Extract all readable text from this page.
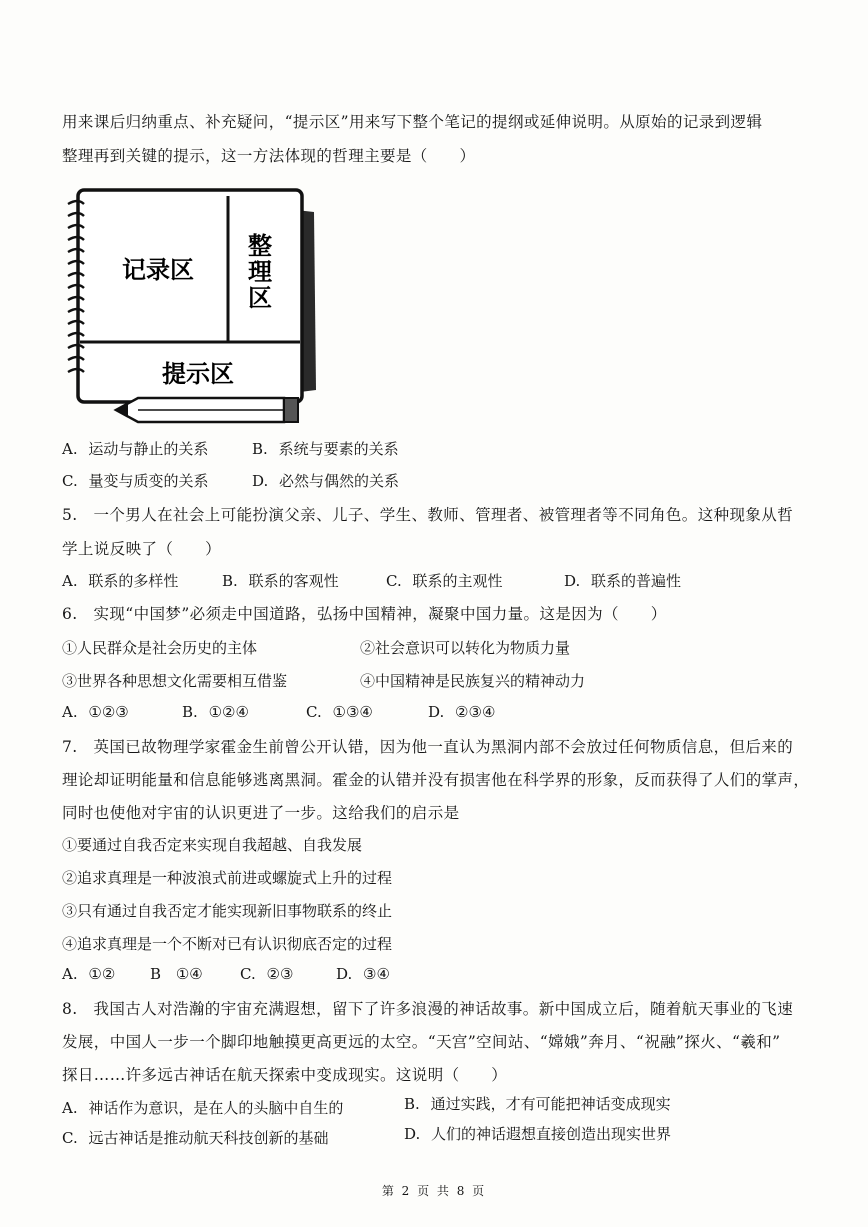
用来课后归纳重点、补充疑问，“提示区”用来写下整个笔记的提纲或延伸说明。从原始的记录到逻辑
整理再到关键的提示，这一方法体现的哲理主要是（　　）
记录区
整
理
区
提示区
A. 运动与静止的关系	B. 系统与要素的关系
C. 量变与质变的关系	D. 必然与偶然的关系
5.　一个男人在社会上可能扮演父亲、儿子、学生、教师、管理者、被管理者等不同角色。这种现象从哲
学上说反映了（　　）
A. 联系的多样性	B. 联系的客观性	C. 联系的主观性	D. 联系的普遍性
6.　实现“中国梦”必须走中国道路，弘扬中国精神，凝聚中国力量。这是因为（　　）
①人民群众是社会历史的主体	②社会意识可以转化为物质力量
③世界各种思想文化需要相互借鉴	④中国精神是民族复兴的精神动力
A. ①②③	B. ①②④	C. ①③④	D. ②③④
7.　英国已故物理学家霍金生前曾公开认错，因为他一直认为黑洞内部不会放过任何物质信息，但后来的
理论却证明能量和信息能够逃离黑洞。霍金的认错并没有损害他在科学界的形象，反而获得了人们的掌声，
同时也使他对宇宙的认识更进了一步。这给我们的启示是
①要通过自我否定来实现自我超越、自我发展
②追求真理是一种波浪式前进或螺旋式上升的过程
③只有通过自我否定才能实现新旧事物联系的终止
④追求真理是一个不断对已有认识彻底否定的过程
A. ①② B ①④ C. ②③	D. ③④
8.　我国古人对浩瀚的宇宙充满遐想，留下了许多浪漫的神话故事。新中国成立后，随着航天事业的飞速
发展，中国人一步一个脚印地触摸更高更远的太空。“天宫”空间站、“嫦娥”奔月、“祝融”探火、“羲和”
探日……许多远古神话在航天探索中变成现实。这说明（　　）
A. 神话作为意识，是在人的头脑中自生的	B. 通过实践，才有可能把神话变成现实
C. 远古神话是推动航天科技创新的基础	D. 人们的神话遐想直接创造出现实世界
第 2 页 共 8 页
